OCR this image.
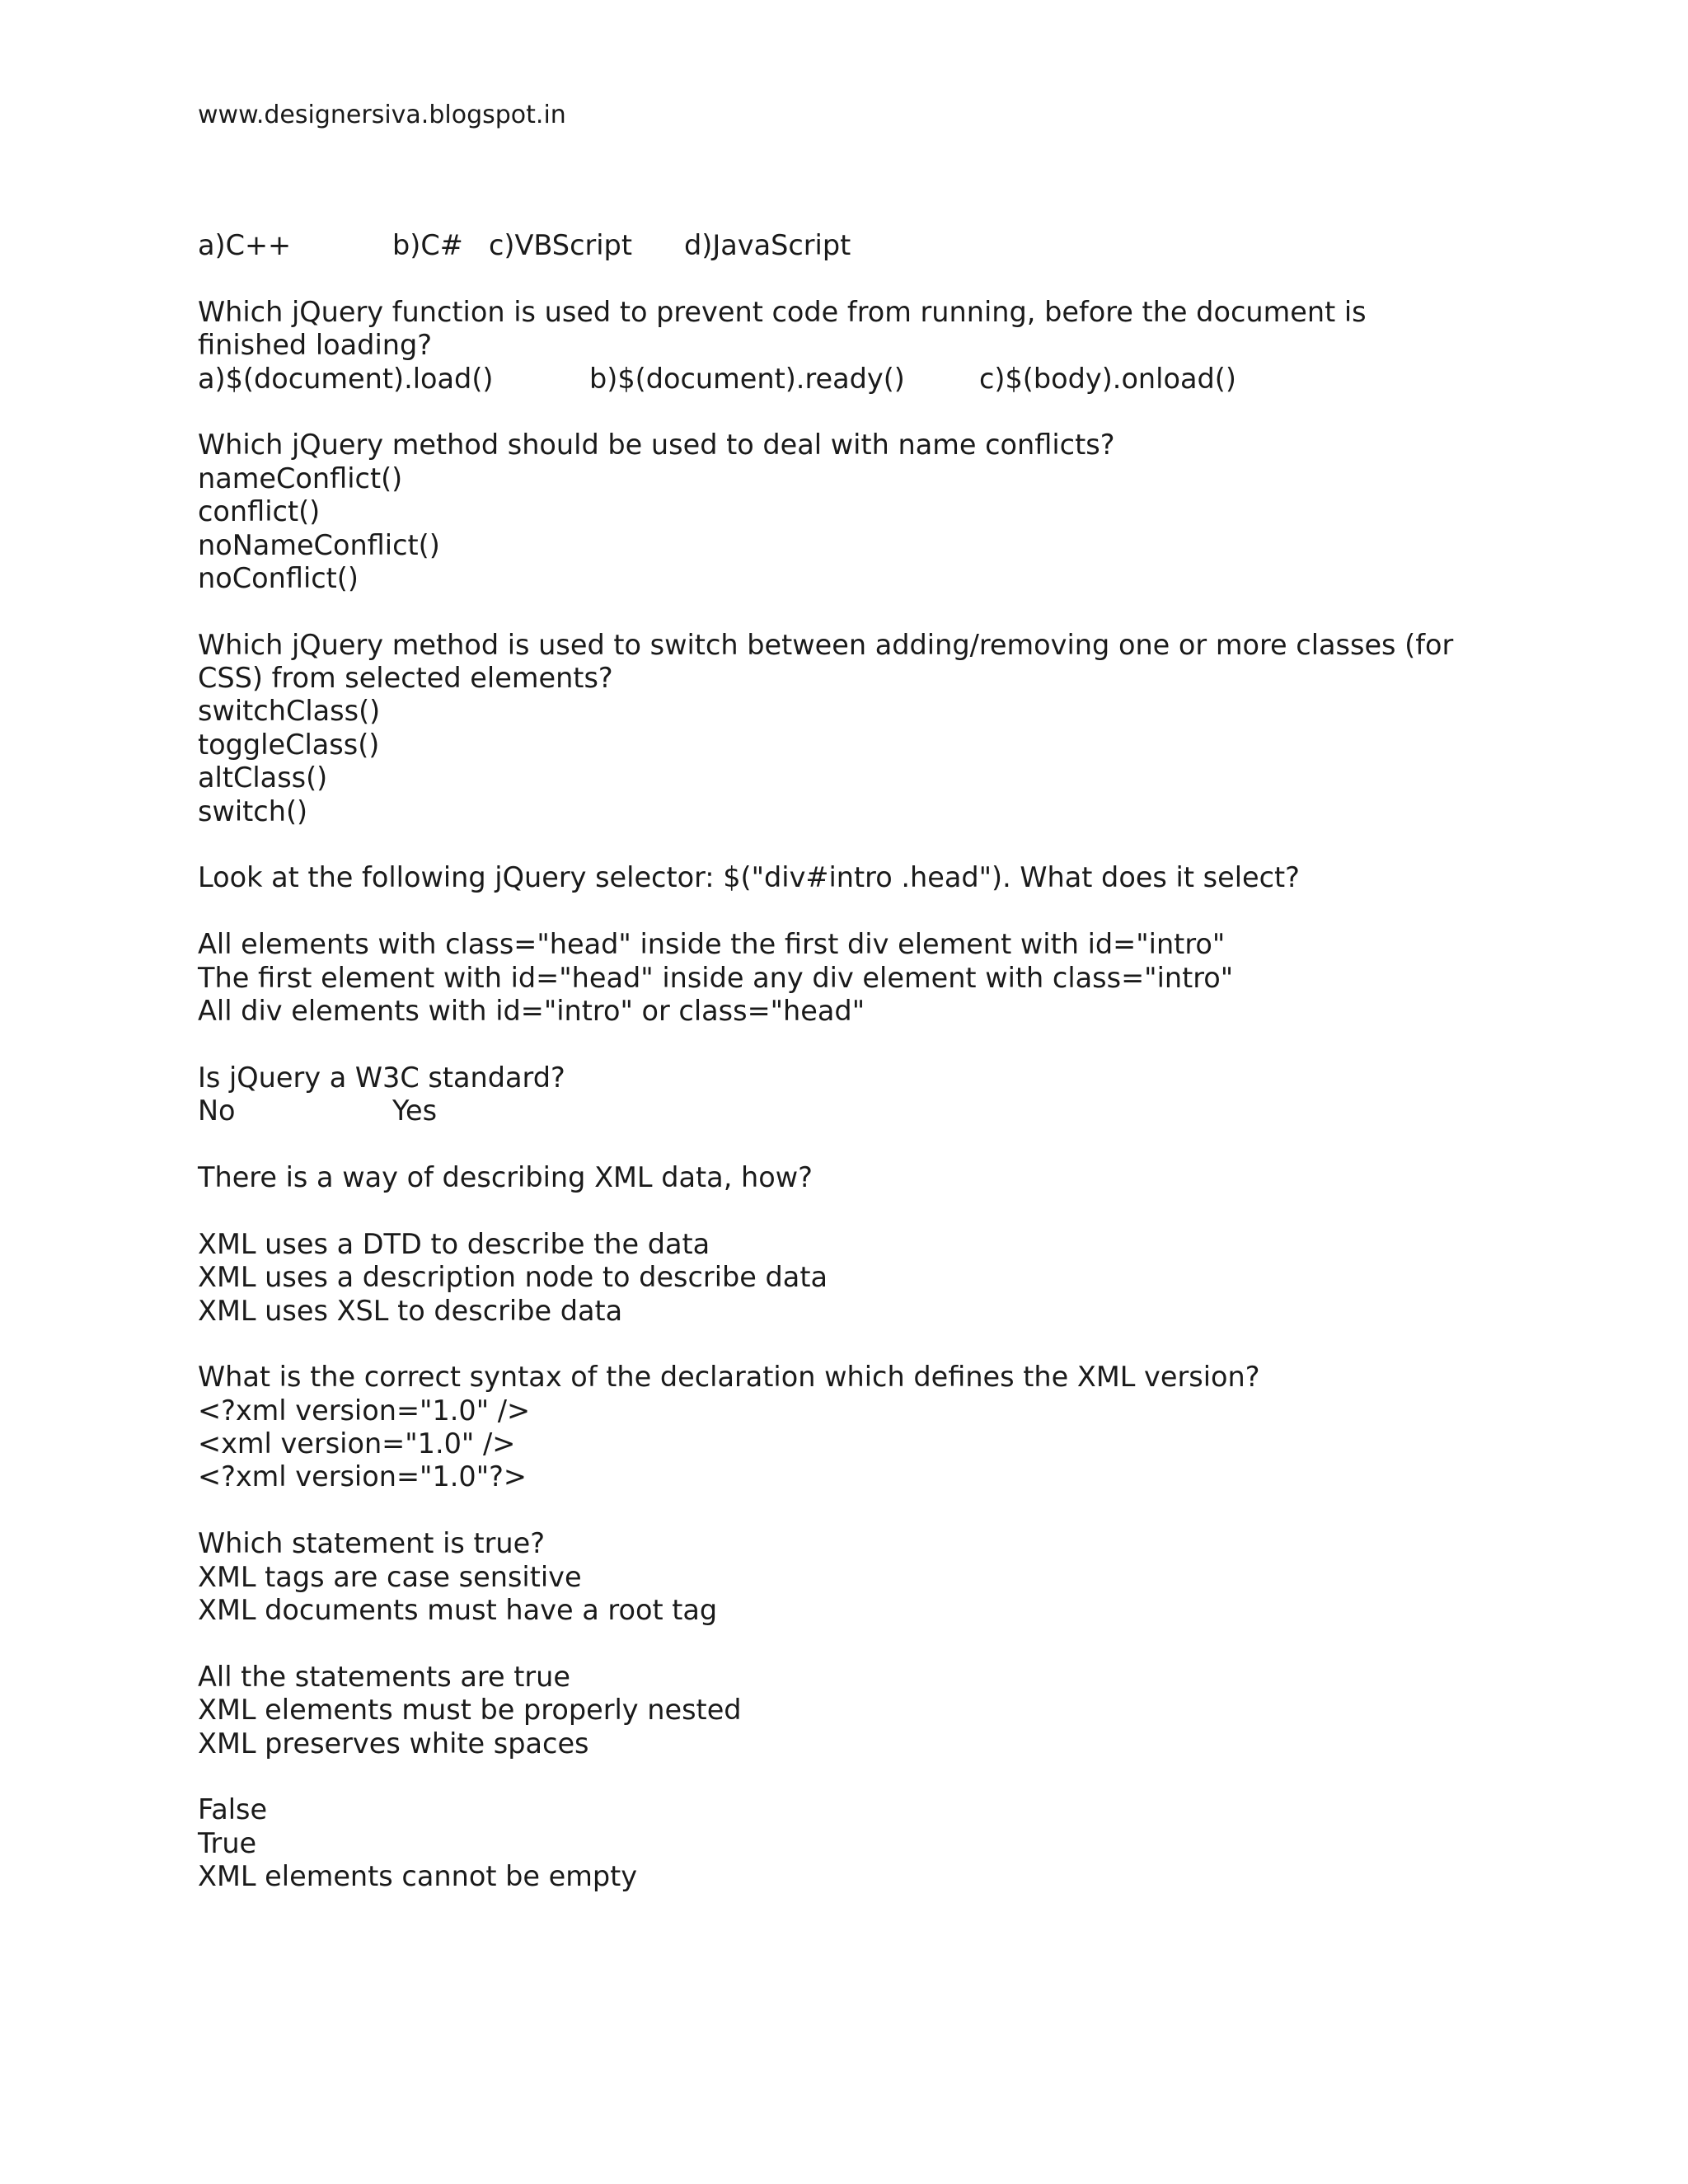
www.designersiva.blogspot.in
a)C++	b)C# c)VBScript d)JavaScript
Which jQuery function is used to prevent code from running, before the document is
finished loading?
a)$(document).load()	b)$(document).ready()	c)$(body).onload()
Which jQuery method should be used to deal with name conflicts?
nameConflict()
conflict()
noNameConflict()
noConflict()
Which jQuery method is used to switch between adding/removing one or more classes (for
CSS) from selected elements?
switchClass()
toggleClass()
altClass()
switch()
Look at the following jQuery selector: $("div#intro .head"). What does it select?
All elements with class="head" inside the first div element with id="intro"
The first element with id="head" inside any div element with class="intro"
All div elements with id="intro" or class="head"
Is jQuery a W3C standard?
No	Yes
There is a way of describing XML data, how?
XML uses a DTD to describe the data
XML uses a description node to describe data
XML uses XSL to describe data
What is the correct syntax of the declaration which defines the XML version?
<?xml version="1.0" />
<xml version="1.0" />
<?xml version="1.0"?>
Which statement is true?
XML tags are case sensitive
XML documents must have a root tag
All the statements are true
XML elements must be properly nested
XML preserves white spaces
False
True
XML elements cannot be empty
